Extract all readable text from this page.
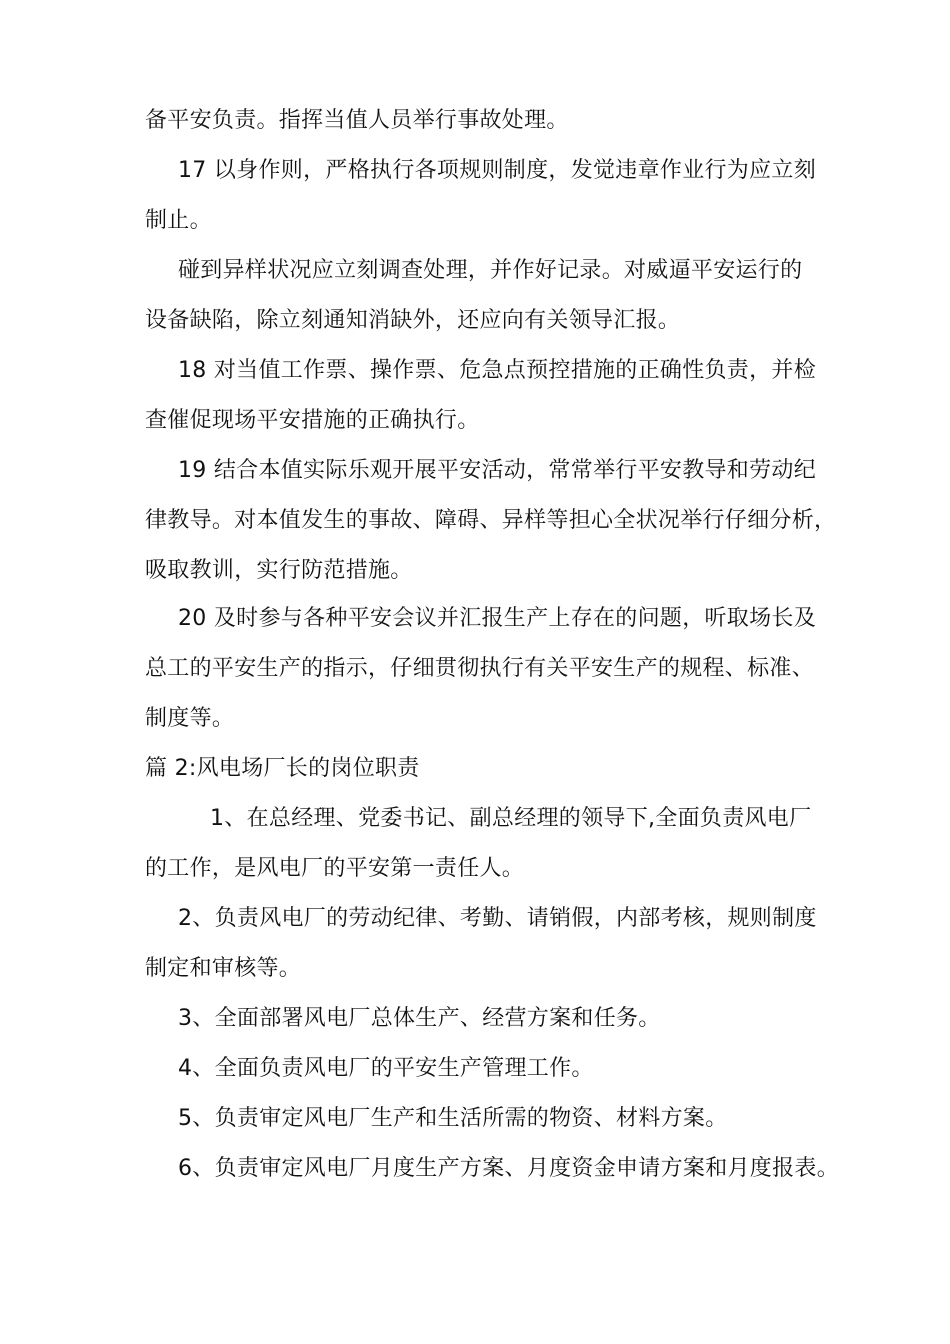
备平安负责。指挥当值人员举行事故处理。
17 以身作则，严格执行各项规则制度，发觉违章作业行为应立刻
制止。
碰到异样状况应立刻调查处理，并作好记录。对威逼平安运行的
设备缺陷，除立刻通知消缺外，还应向有关领导汇报。
18 对当值工作票、操作票、危急点预控措施的正确性负责，并检
查催促现场平安措施的正确执行。
19 结合本值实际乐观开展平安活动，常常举行平安教导和劳动纪
律教导。对本值发生的事故、障碍、异样等担心全状况举行仔细分析，
吸取教训，实行防范措施。
20 及时参与各种平安会议并汇报生产上存在的问题，听取场长及
总工的平安生产的指示，仔细贯彻执行有关平安生产的规程、标准、
制度等。
篇 2:风电场厂长的岗位职责
1、在总经理、党委书记、副总经理的领导下,全面负责风电厂
的工作，是风电厂的平安第一责任人。
2、负责风电厂的劳动纪律、考勤、请销假，内部考核，规则制度
制定和审核等。
3、全面部署风电厂总体生产、经营方案和任务。
4、全面负责风电厂的平安生产管理工作。
5、负责审定风电厂生产和生活所需的物资、材料方案。
6、负责审定风电厂月度生产方案、月度资金申请方案和月度报表。
